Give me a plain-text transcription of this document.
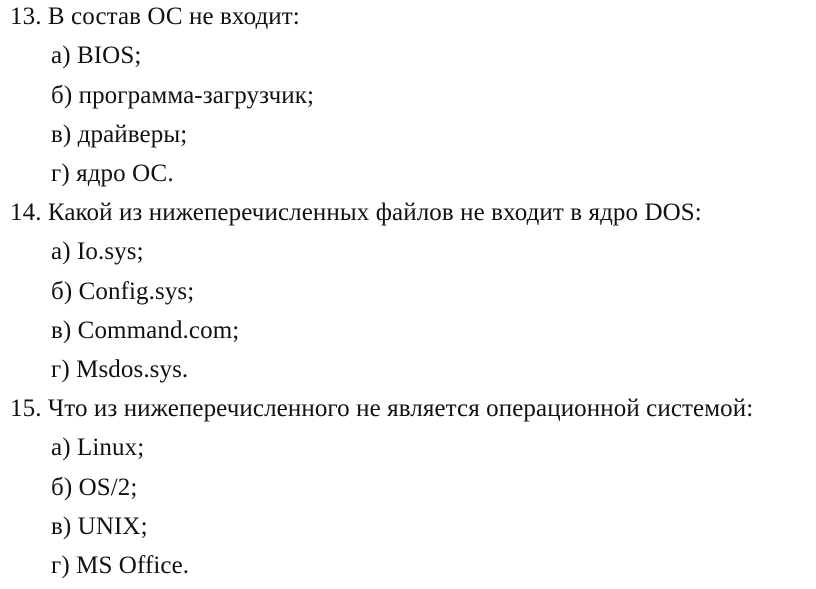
13. В состав ОС не входит:
а) BIOS;
б) программа-загрузчик;
в) драйверы;
г) ядро ОС.
14. Какой из нижеперечисленных файлов не входит в ядро DOS:
а) Io.sys;
б) Config.sys;
в) Command.com;
г) Msdos.sys.
15. Что из нижеперечисленного не является операционной системой:
а) Linux;
б) OS/2;
в) UNIX;
г) MS Office.
